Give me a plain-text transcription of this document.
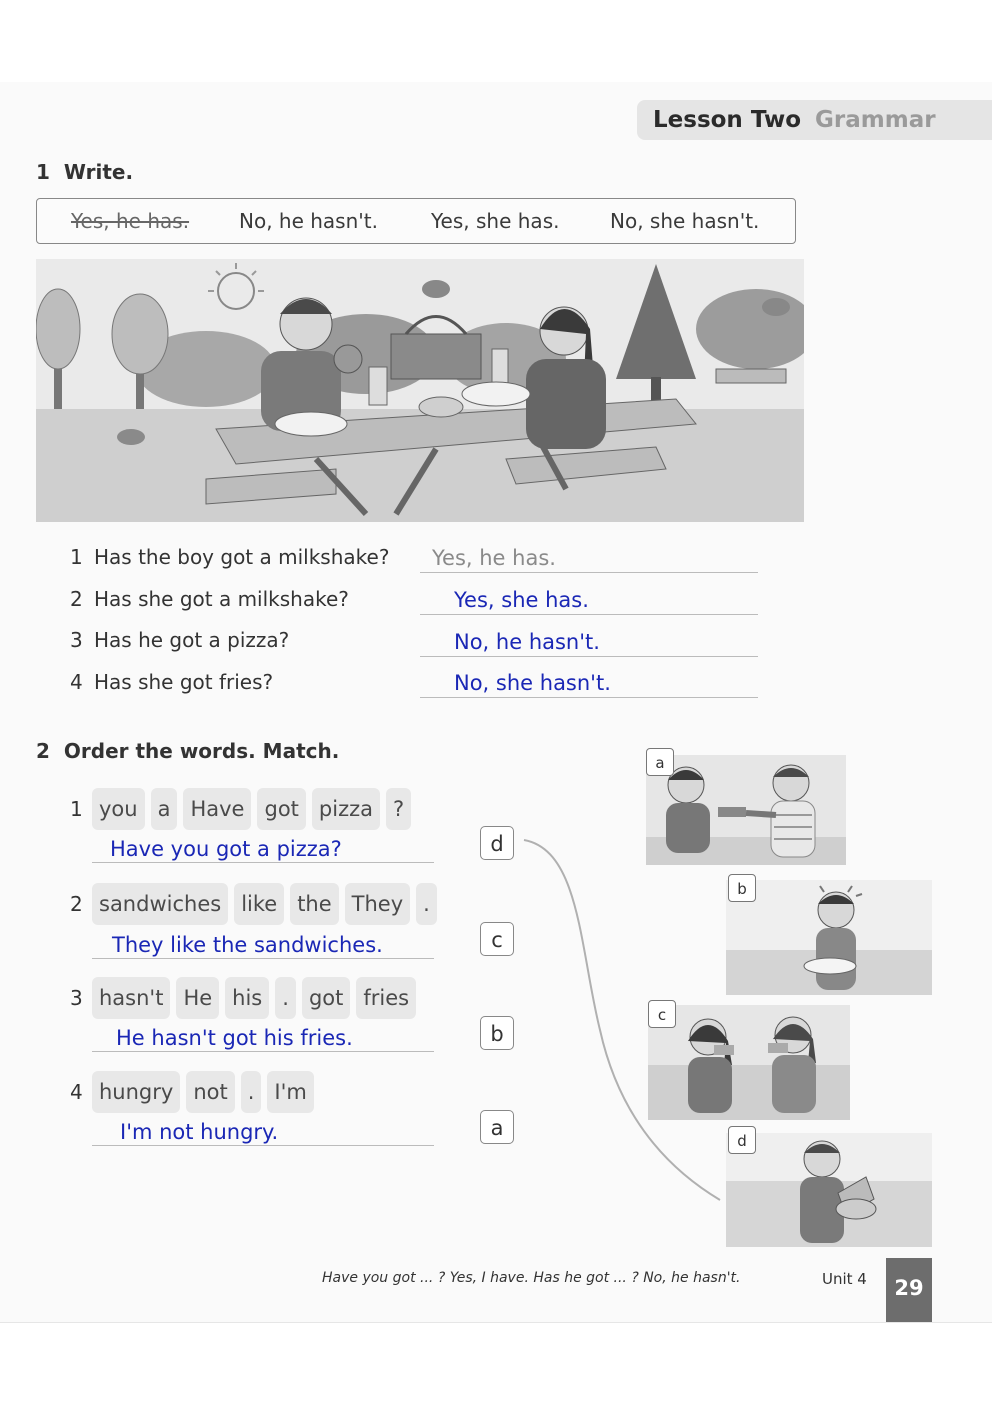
Lesson Two Grammar
1 Write.
Yes, he has. No, he hasn't.	Yes, she has.	No, she hasn't.
1 Has the boy got a milkshake? Yes, he has.
2 Has she got a milkshake?	Yes, she has.
3 Has he got a pizza?	No, he hasn't.
4 Has she got fries?	No, she hasn't.
2 Order the words. Match.
1 you a Have got pizza ?
Have you got a pizza?	d
2 sandwiches like the They .
They like the sandwiches.	c
3 hasn't He his . got fries
He hasn't got his fries.	b
4 hungry not . I'm
I'm not hungry.	a
a
b
c
d
Have you got ... ? Yes, I have. Has he got ... ? No, he hasn't.	Unit 4	29
